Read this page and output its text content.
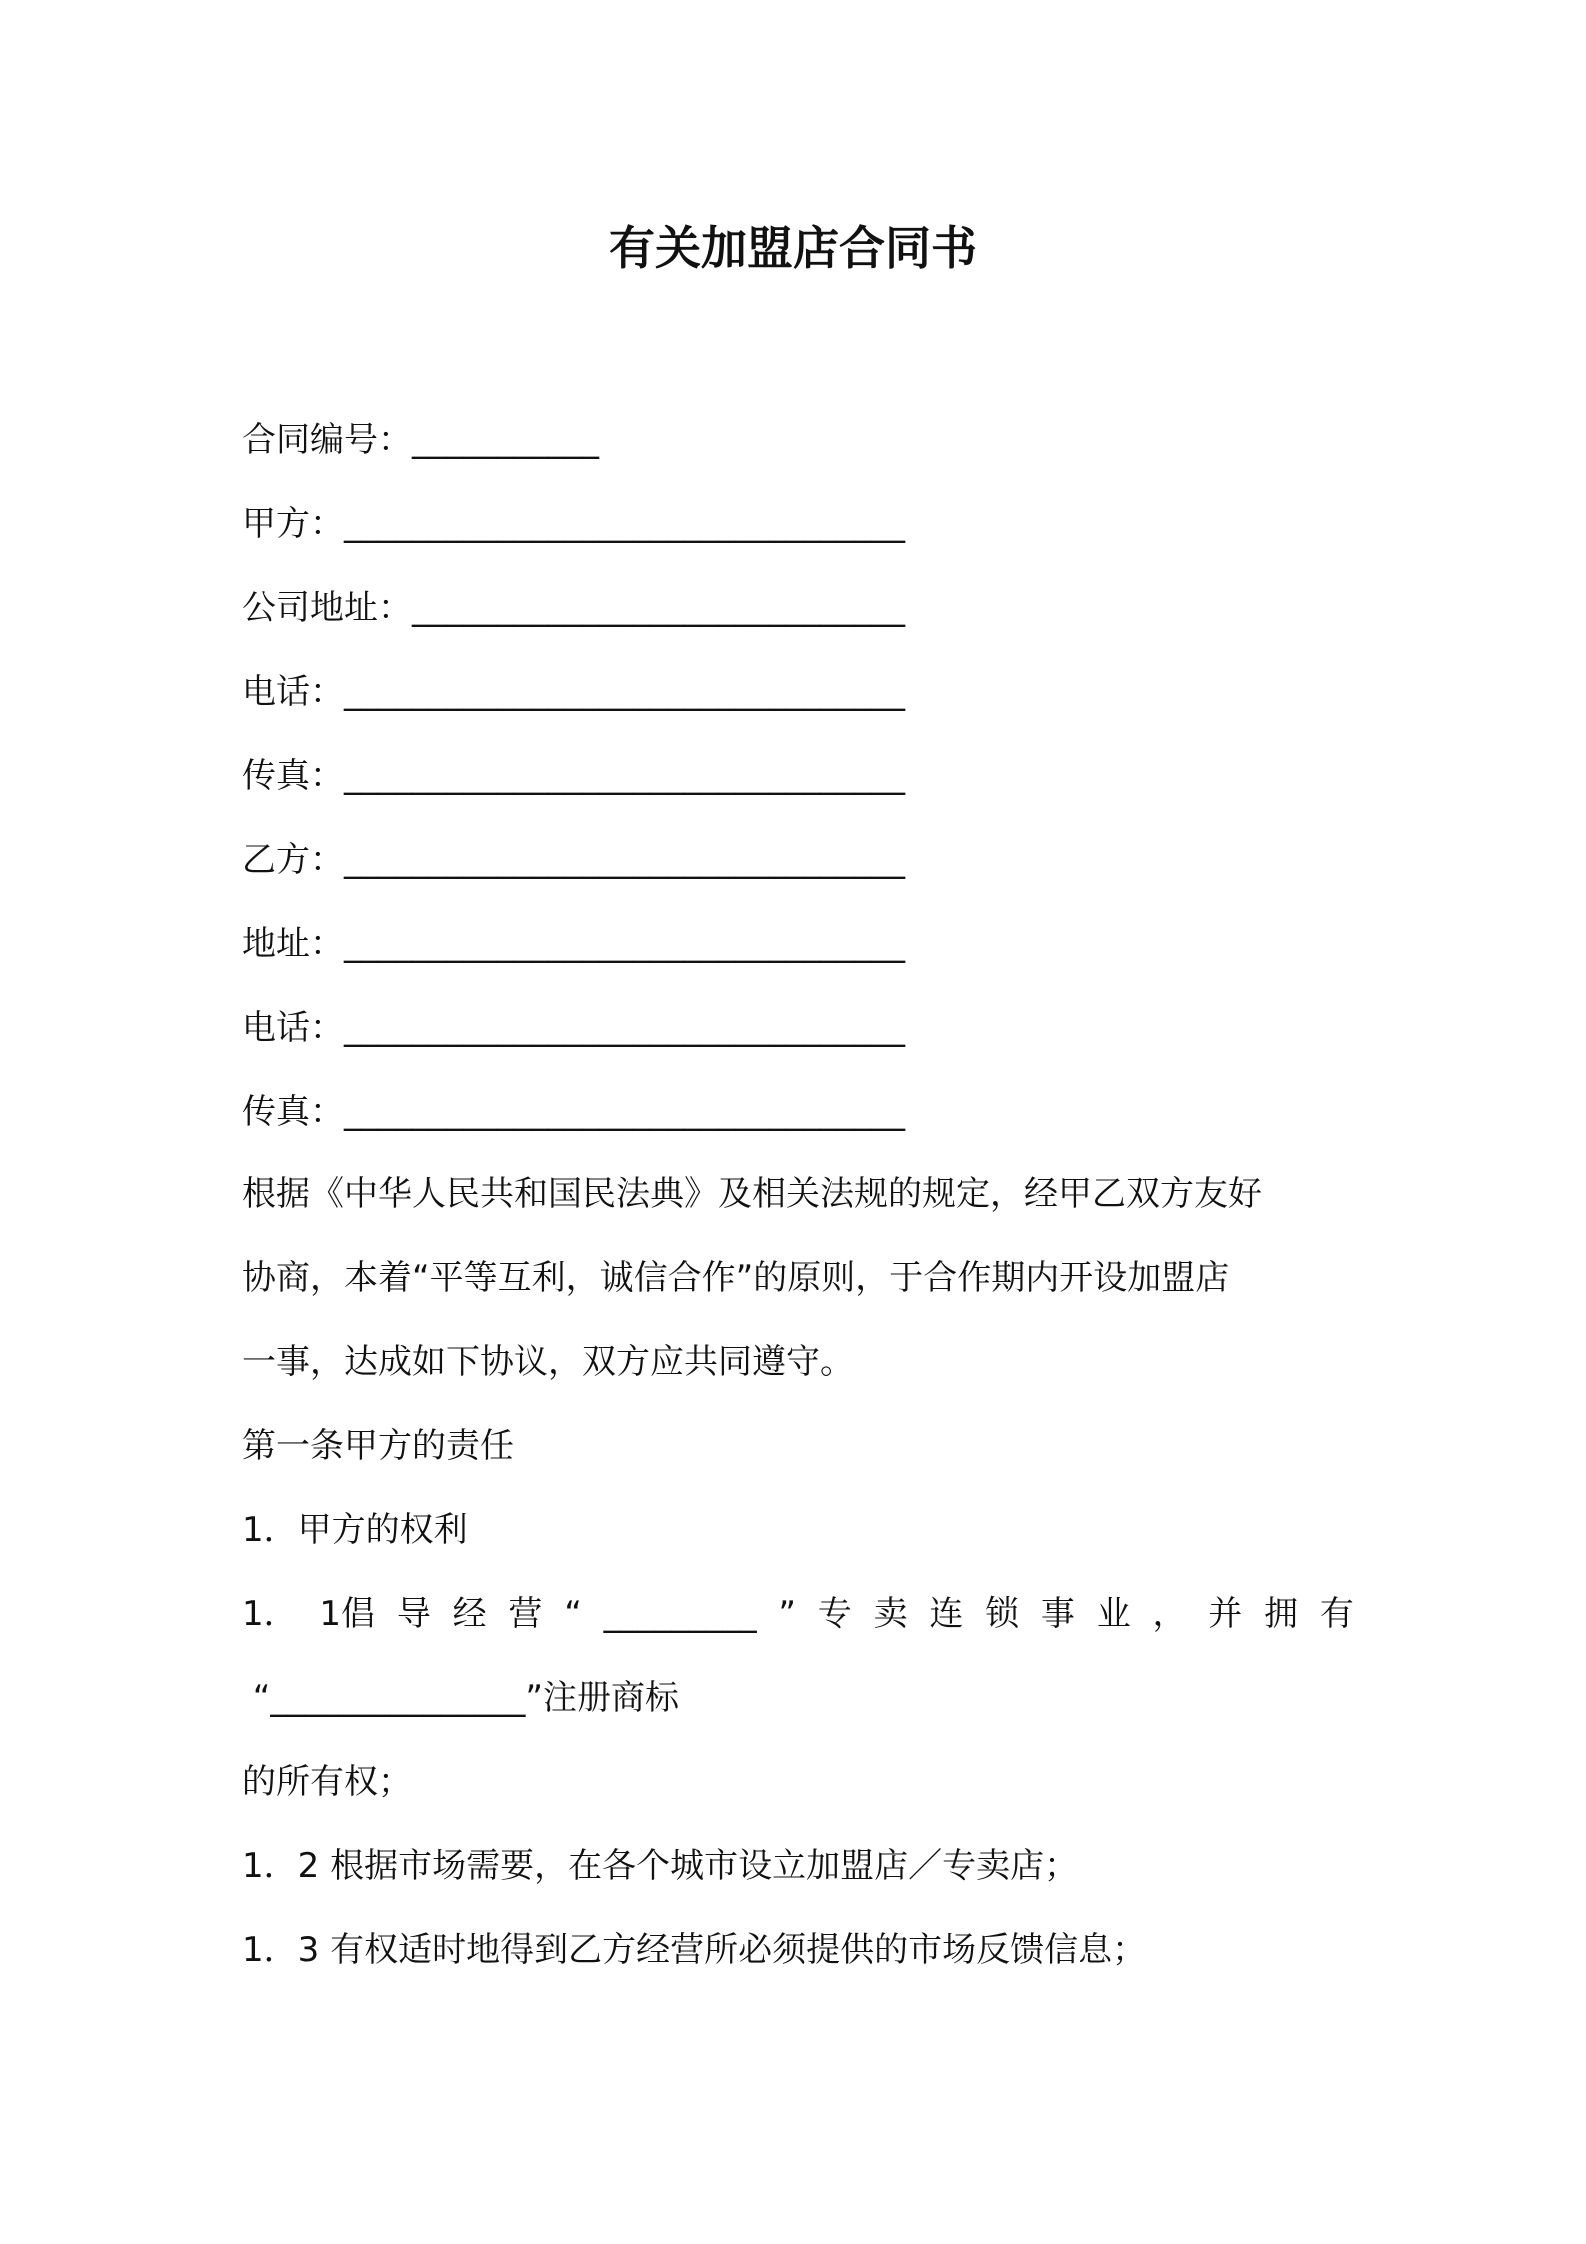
有关加盟店合同书
合同编号：___________
甲方：_________________________________
公司地址：_____________________________
电话：_________________________________
传真：_________________________________
乙方：_________________________________
地址：_________________________________
电话：_________________________________
传真：_________________________________
根据《中华人民共和国民法典》及相关法规的规定，经甲乙双方友好
协商，本着“平等互利，诚信合作”的原则，于合作期内开设加盟店
一事，达成如下协议，双方应共同遵守。
第一条甲方的责任
1．甲方的权利
1． 1倡 导 经 营 “ _________ ” 专 卖 连 锁 事 业 ， 并 拥 有
“_______________”注册商标
的所有权；
1．2 根据市场需要，在各个城市设立加盟店／专卖店；
1．3 有权适时地得到乙方经营所必须提供的市场反馈信息；
